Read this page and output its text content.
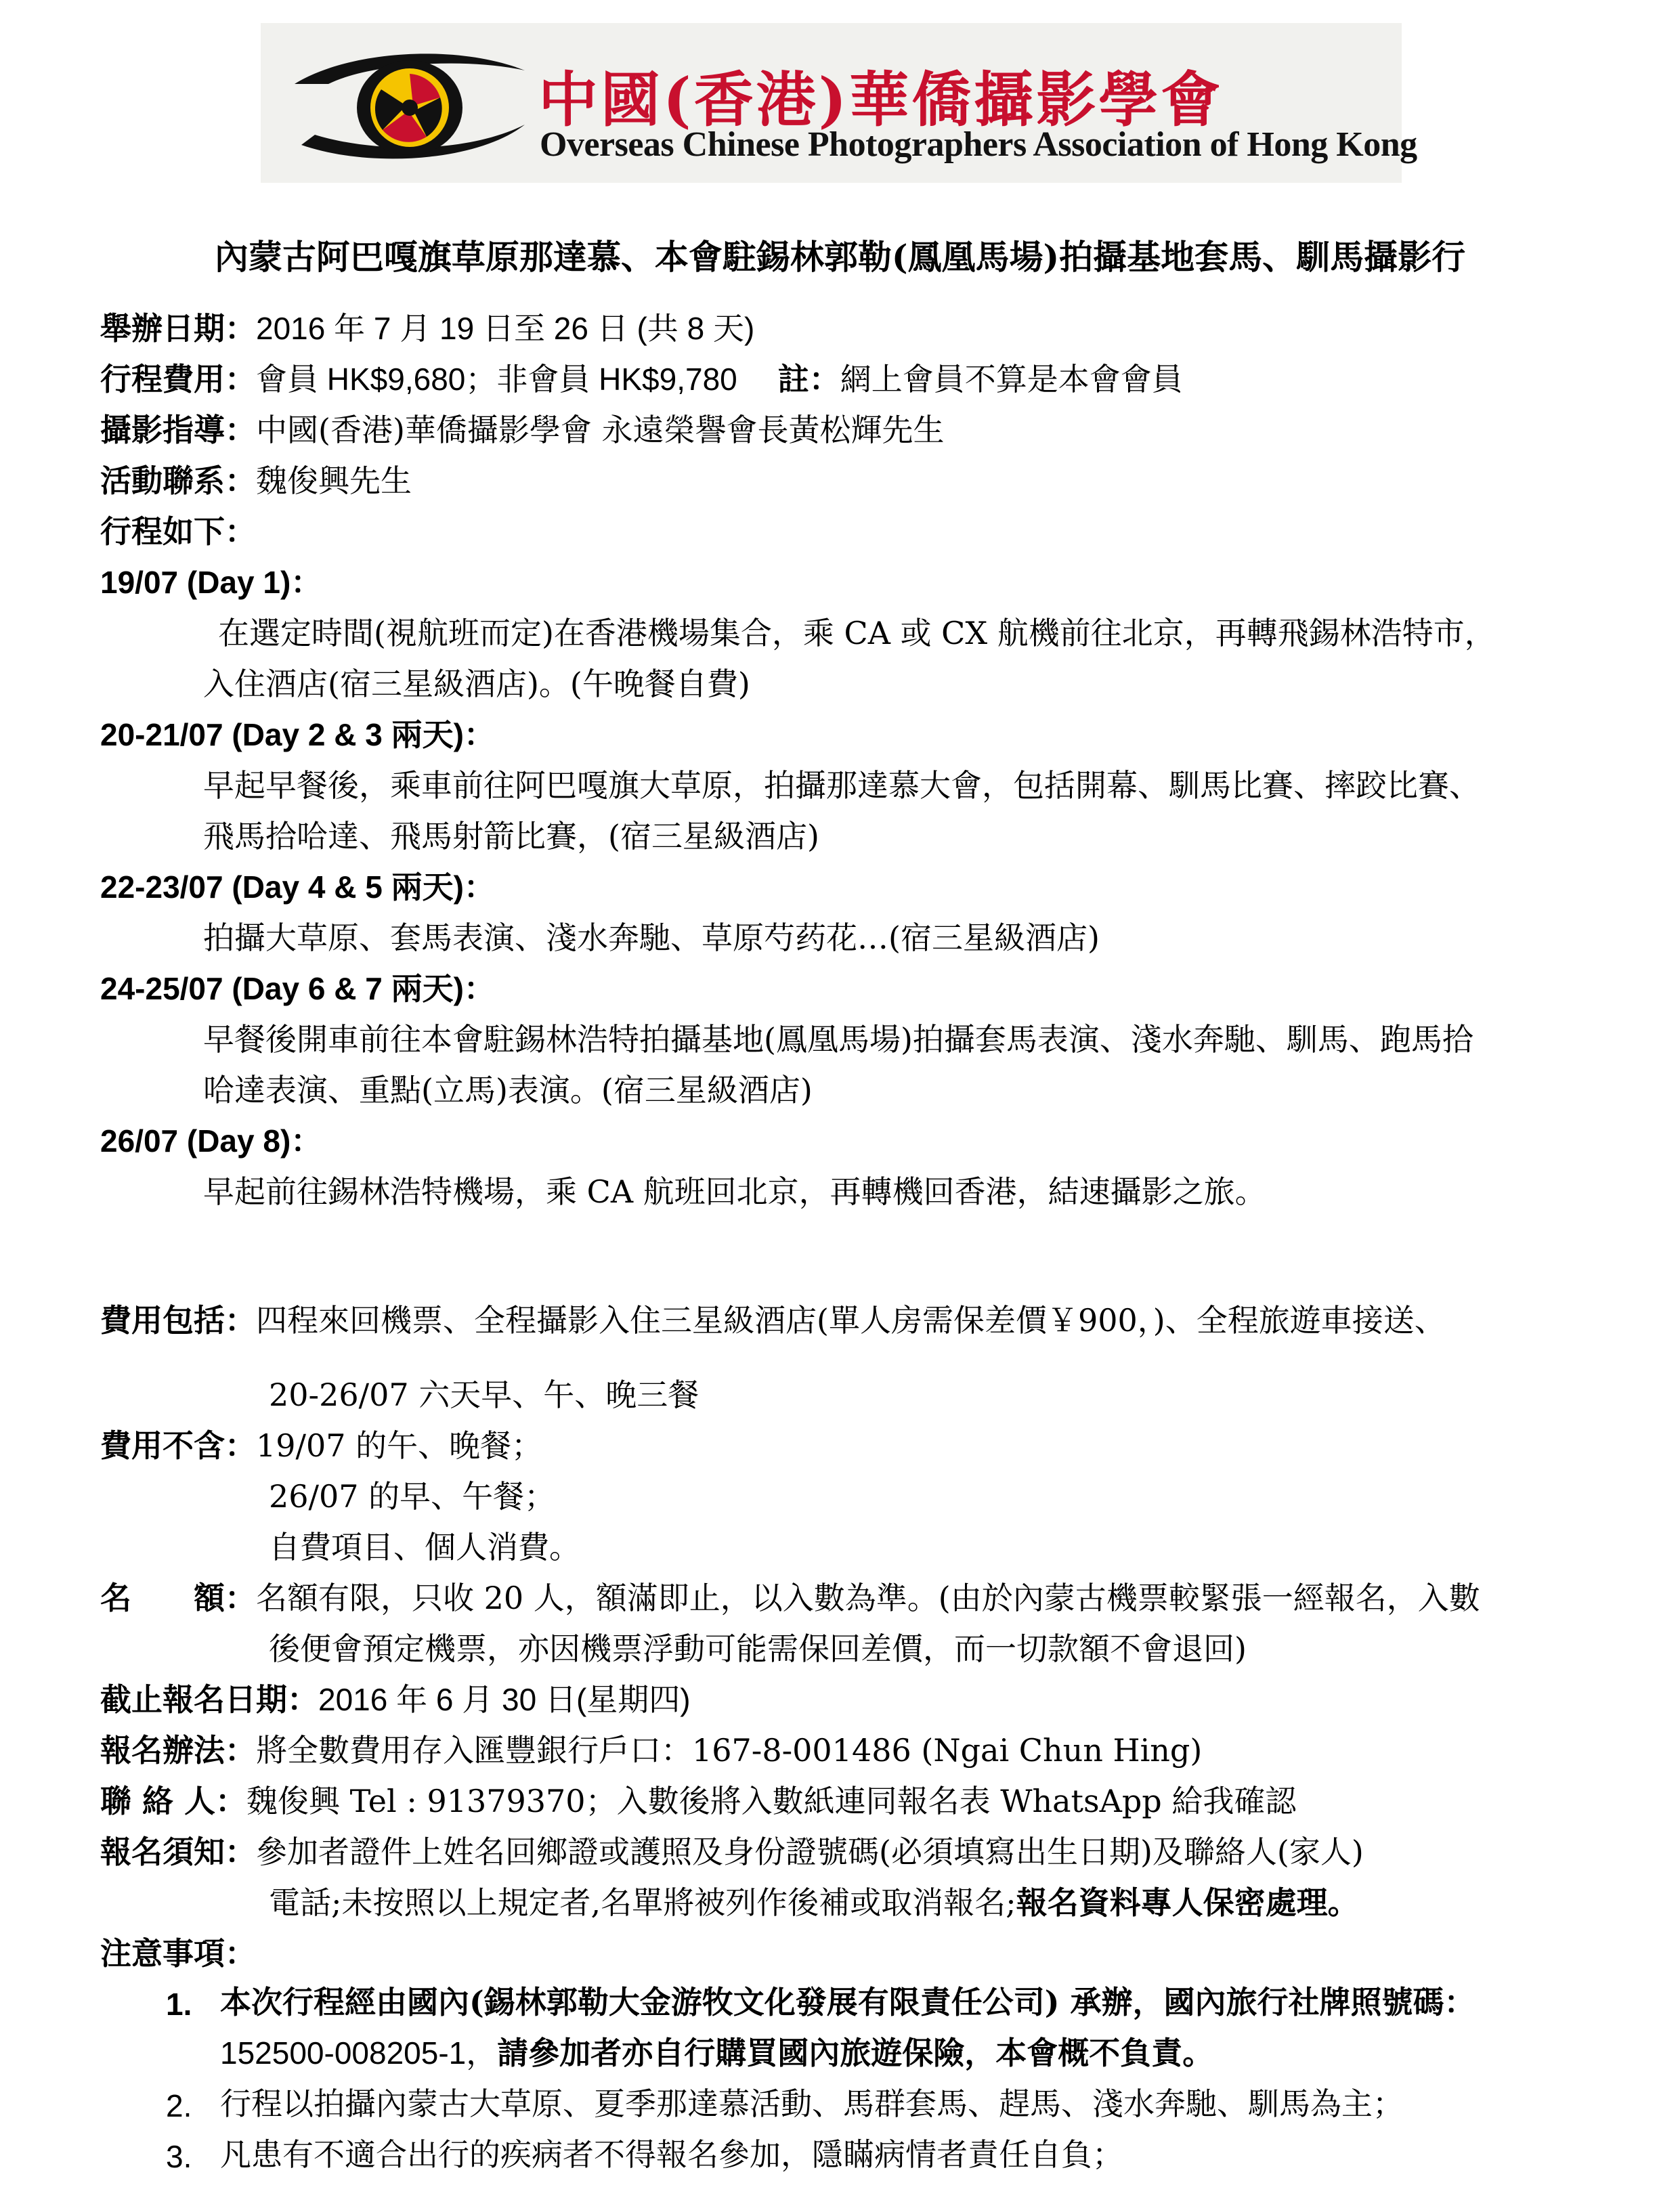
中國(香港)華僑攝影學會
Overseas Chinese Photographers Association of Hong Kong
內蒙古阿巴嘎旗草原那達慕、本會駐錫林郭勒(鳳凰馬場)拍攝基地套馬、馴馬攝影行
舉辦日期：2016 年 7 月 19 日至 26 日 (共 8 天)
行程費用：會員 HK$9,680；非會員 HK$9,780 註：網上會員不算是本會會員
攝影指導：中國(香港)華僑攝影學會 永遠榮譽會長黃松輝先生
活動聯系：魏俊興先生
行程如下：
19/07 (Day 1)：
在選定時間(視航班而定)在香港機場集合，乘 CA 或 CX 航機前往北京，再轉飛錫林浩特市，
入住酒店(宿三星級酒店)。(午晚餐自費)
20-21/07 (Day 2 & 3 兩天)：
早起早餐後，乘車前往阿巴嘎旗大草原，拍攝那達慕大會，包括開幕、馴馬比賽、摔跤比賽、
飛馬拾哈達、飛馬射箭比賽，(宿三星級酒店)
22-23/07 (Day 4 & 5 兩天)：
拍攝大草原、套馬表演、淺水奔馳、草原芍药花…(宿三星級酒店)
24-25/07 (Day 6 & 7 兩天)：
早餐後開車前往本會駐錫林浩特拍攝基地(鳳凰馬場)拍攝套馬表演、淺水奔馳、馴馬、跑馬拾
哈達表演、重點(立馬)表演。(宿三星級酒店)
26/07 (Day 8)：
早起前往錫林浩特機場，乘 CA 航班回北京，再轉機回香港，結速攝影之旅。
費用包括：四程來回機票、全程攝影入住三星級酒店(單人房需保差價￥900，)、全程旅遊車接送、
20-26/07 六天早、午、晚三餐
費用不含：19/07 的午、晚餐；
26/07 的早、午餐；
自費項目、個人消費。
名　　額：名額有限，只收 20 人，額滿即止，以入數為準。(由於內蒙古機票較緊張一經報名，入數
後便會預定機票，亦因機票浮動可能需保回差價，而一切款額不會退回)
截止報名日期：2016 年 6 月 30 日(星期四)
報名辦法：將全數費用存入匯豐銀行戶口：167-8-001486 (Ngai Chun Hing)
聯 絡 人：魏俊興 Tel : 91379370；入數後將入數紙連同報名表 WhatsApp 給我確認
報名須知：參加者證件上姓名回鄉證或護照及身份證號碼(必須填寫出生日期)及聯絡人(家人)
電話;未按照以上規定者,名單將被列作後補或取消報名;報名資料專人保密處理。
注意事項：
1. 本次行程經由國內(錫林郭勒大金游牧文化發展有限責任公司) 承辦，國內旅行社牌照號碼：
152500-008205-1，請參加者亦自行購買國內旅遊保險，本會概不負責。
2. 行程以拍攝內蒙古大草原、夏季那達慕活動、馬群套馬、趕馬、淺水奔馳、馴馬為主；
3. 凡患有不適合出行的疾病者不得報名參加，隱瞞病情者責任自負；
